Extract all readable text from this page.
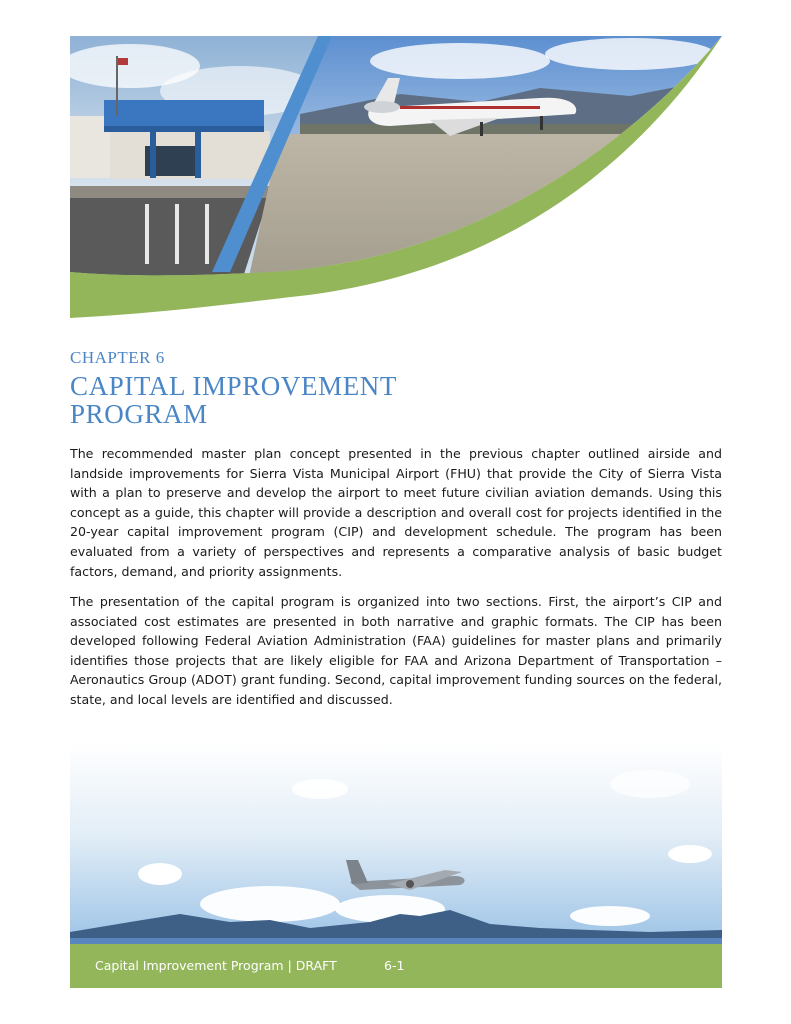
CHAPTER 6

CAPITAL IMPROVEMENT PROGRAM

The recommended master plan concept presented in the previous chapter outlined airside and landside improvements for Sierra Vista Municipal Airport (FHU) that provide the City of Sierra Vista with a plan to preserve and develop the airport to meet future civilian aviation demands. Using this concept as a guide, this chapter will provide a description and overall cost for projects identified in the 20-year capital improvement program (CIP) and development schedule. The program has been evaluated from a variety of perspectives and represents a comparative analysis of basic budget factors, demand, and priority assignments.

The presentation of the capital program is organized into two sections. First, the airport’s CIP and associated cost estimates are presented in both narrative and graphic formats. The CIP has been developed following Federal Aviation Administration (FAA) guidelines for master plans and primarily identifies those projects that are likely eligible for FAA and Arizona Department of Transportation – Aeronautics Group (ADOT) grant funding. Second, capital improvement funding sources on the federal, state, and local levels are identified and discussed.

Capital Improvement Program | DRAFT	6-1
